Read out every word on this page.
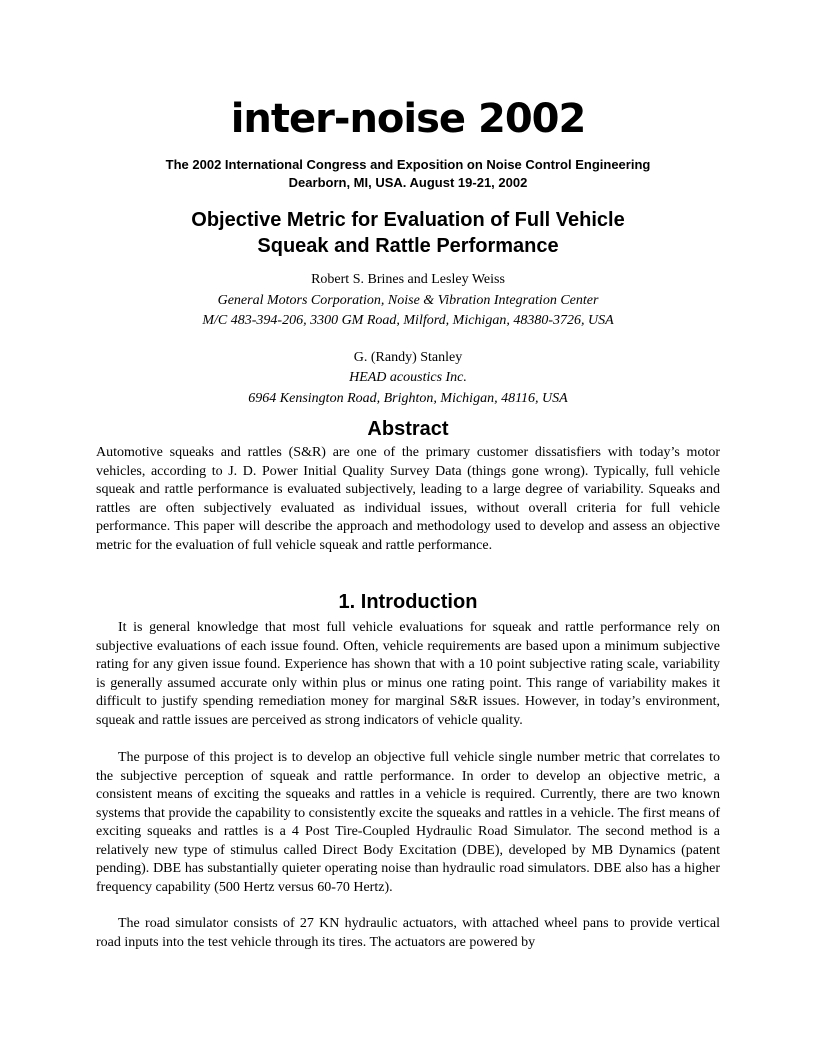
inter-noise 2002
The 2002 International Congress and Exposition on Noise Control Engineering
Dearborn, MI, USA. August 19-21, 2002
Objective Metric for Evaluation of Full Vehicle
Squeak and Rattle Performance
Robert S. Brines and Lesley Weiss
General Motors Corporation, Noise & Vibration Integration Center
M/C 483-394-206, 3300 GM Road, Milford, Michigan, 48380-3726, USA
G. (Randy) Stanley
HEAD acoustics Inc.
6964 Kensington Road, Brighton, Michigan, 48116, USA
Abstract
Automotive squeaks and rattles (S&R) are one of the primary customer dissatisfiers with today’s motor vehicles, according to J. D. Power Initial Quality Survey Data (things gone wrong). Typically, full vehicle squeak and rattle performance is evaluated subjectively, leading to a large degree of variability. Squeaks and rattles are often subjectively evaluated as individual issues, without overall criteria for full vehicle performance. This paper will describe the approach and methodology used to develop and assess an objective metric for the evaluation of full vehicle squeak and rattle performance.
1. Introduction
It is general knowledge that most full vehicle evaluations for squeak and rattle performance rely on subjective evaluations of each issue found. Often, vehicle requirements are based upon a minimum subjective rating for any given issue found. Experience has shown that with a 10 point subjective rating scale, variability is generally assumed accurate only within plus or minus one rating point. This range of variability makes it difficult to justify spending remediation money for marginal S&R issues. However, in today’s environment, squeak and rattle issues are perceived as strong indicators of vehicle quality.
The purpose of this project is to develop an objective full vehicle single number metric that correlates to the subjective perception of squeak and rattle performance. In order to develop an objective metric, a consistent means of exciting the squeaks and rattles in a vehicle is required. Currently, there are two known systems that provide the capability to consistently excite the squeaks and rattles in a vehicle. The first means of exciting squeaks and rattles is a 4 Post Tire-Coupled Hydraulic Road Simulator. The second method is a relatively new type of stimulus called Direct Body Excitation (DBE), developed by MB Dynamics (patent pending). DBE has substantially quieter operating noise than hydraulic road simulators. DBE also has a higher frequency capability (500 Hertz versus 60-70 Hertz).
The road simulator consists of 27 KN hydraulic actuators, with attached wheel pans to provide vertical road inputs into the test vehicle through its tires. The actuators are powered by
